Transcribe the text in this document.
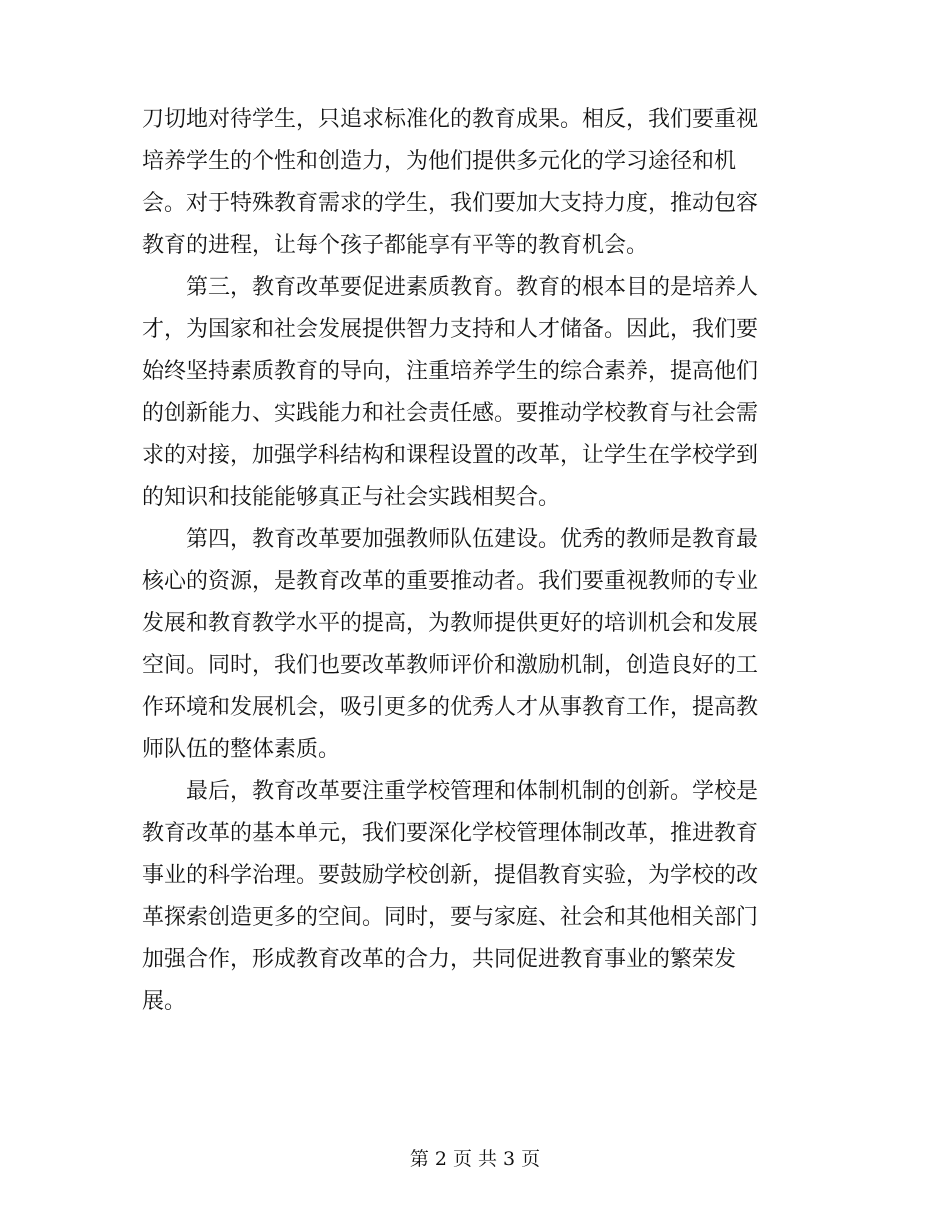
刀切地对待学生，只追求标准化的教育成果。相反，我们要重视
培养学生的个性和创造力，为他们提供多元化的学习途径和机
会。对于特殊教育需求的学生，我们要加大支持力度，推动包容
教育的进程，让每个孩子都能享有平等的教育机会。
第三，教育改革要促进素质教育。教育的根本目的是培养人
才，为国家和社会发展提供智力支持和人才储备。因此，我们要
始终坚持素质教育的导向，注重培养学生的综合素养，提高他们
的创新能力、实践能力和社会责任感。要推动学校教育与社会需
求的对接，加强学科结构和课程设置的改革，让学生在学校学到
的知识和技能能够真正与社会实践相契合。
第四，教育改革要加强教师队伍建设。优秀的教师是教育最
核心的资源，是教育改革的重要推动者。我们要重视教师的专业
发展和教育教学水平的提高，为教师提供更好的培训机会和发展
空间。同时，我们也要改革教师评价和激励机制，创造良好的工
作环境和发展机会，吸引更多的优秀人才从事教育工作，提高教
师队伍的整体素质。
最后，教育改革要注重学校管理和体制机制的创新。学校是
教育改革的基本单元，我们要深化学校管理体制改革，推进教育
事业的科学治理。要鼓励学校创新，提倡教育实验，为学校的改
革探索创造更多的空间。同时，要与家庭、社会和其他相关部门
加强合作，形成教育改革的合力，共同促进教育事业的繁荣发
展。
第 2 页 共 3 页
